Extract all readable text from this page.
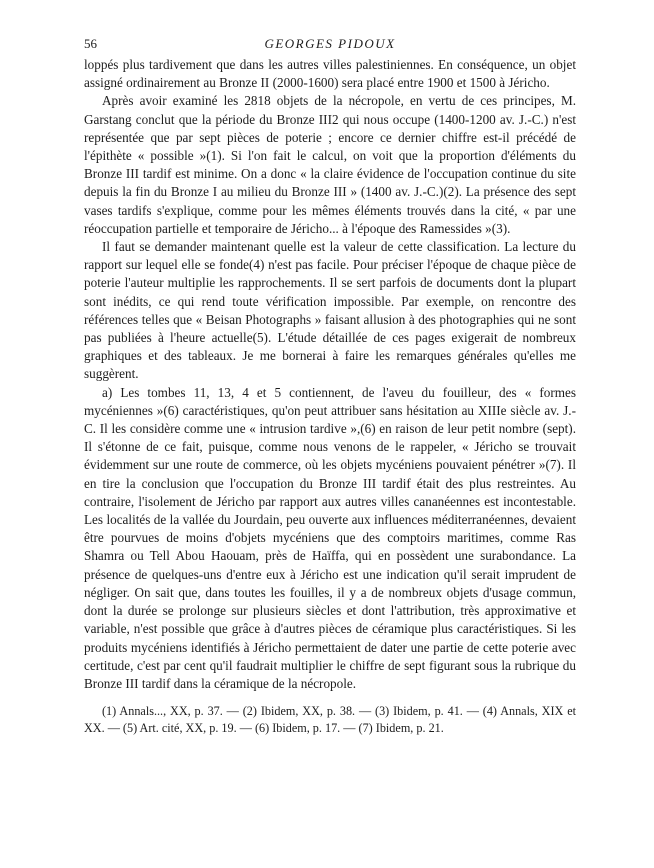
56	GEORGES PIDOUX

loppés plus tardivement que dans les autres villes palestiniennes. En conséquence, un objet assigné ordinairement au Bronze II (2000-1600) sera placé entre 1900 et 1500 à Jéricho.

Après avoir examiné les 2818 objets de la nécropole, en vertu de ces principes, M. Garstang conclut que la période du Bronze III2 qui nous occupe (1400-1200 av. J.-C.) n'est représentée que par sept pièces de poterie ; encore ce dernier chiffre est-il précédé de l'épithète « possible »(1). Si l'on fait le calcul, on voit que la proportion d'éléments du Bronze III tardif est minime. On a donc « la claire évidence de l'occupation continue du site depuis la fin du Bronze I au milieu du Bronze III » (1400 av. J.-C.)(2). La présence des sept vases tardifs s'explique, comme pour les mêmes éléments trouvés dans la cité, « par une réoccupation partielle et temporaire de Jéricho... à l'époque des Ramessides »(3).

Il faut se demander maintenant quelle est la valeur de cette classification. La lecture du rapport sur lequel elle se fonde(4) n'est pas facile. Pour préciser l'époque de chaque pièce de poterie l'auteur multiplie les rapprochements. Il se sert parfois de documents dont la plupart sont inédits, ce qui rend toute vérification impossible. Par exemple, on rencontre des références telles que « Beisan Photographs » faisant allusion à des photographies qui ne sont pas publiées à l'heure actuelle(5). L'étude détaillée de ces pages exigerait de nombreux graphiques et des tableaux. Je me bornerai à faire les remarques générales qu'elles me suggèrent.

a) Les tombes 11, 13, 4 et 5 contiennent, de l'aveu du fouilleur, des « formes mycéniennes »(6) caractéristiques, qu'on peut attribuer sans hésitation au XIIIe siècle av. J.-C. Il les considère comme une « intrusion tardive »,(6) en raison de leur petit nombre (sept). Il s'étonne de ce fait, puisque, comme nous venons de le rappeler, « Jéricho se trouvait évidemment sur une route de commerce, où les objets mycéniens pouvaient pénétrer »(7). Il en tire la conclusion que l'occupation du Bronze III tardif était des plus restreintes. Au contraire, l'isolement de Jéricho par rapport aux autres villes cananéennes est incontestable. Les localités de la vallée du Jourdain, peu ouverte aux influences méditerranéennes, devaient être pourvues de moins d'objets mycéniens que des comptoirs maritimes, comme Ras Shamra ou Tell Abou Haouam, près de Haïffa, qui en possèdent une surabondance. La présence de quelques-uns d'entre eux à Jéricho est une indication qu'il serait imprudent de négliger. On sait que, dans toutes les fouilles, il y a de nombreux objets d'usage commun, dont la durée se prolonge sur plusieurs siècles et dont l'attribution, très approximative et variable, n'est possible que grâce à d'autres pièces de céramique plus caractéristiques. Si les produits mycéniens identifiés à Jéricho permettaient de dater une partie de cette poterie avec certitude, c'est par cent qu'il faudrait multiplier le chiffre de sept figurant sous la rubrique du Bronze III tardif dans la céramique de la nécropole.

(1) Annals..., XX, p. 37. — (2) Ibidem, XX, p. 38. — (3) Ibidem, p. 41. — (4) Annals, XIX et XX. — (5) Art. cité, XX, p. 19. — (6) Ibidem, p. 17. — (7) Ibidem, p. 21.
